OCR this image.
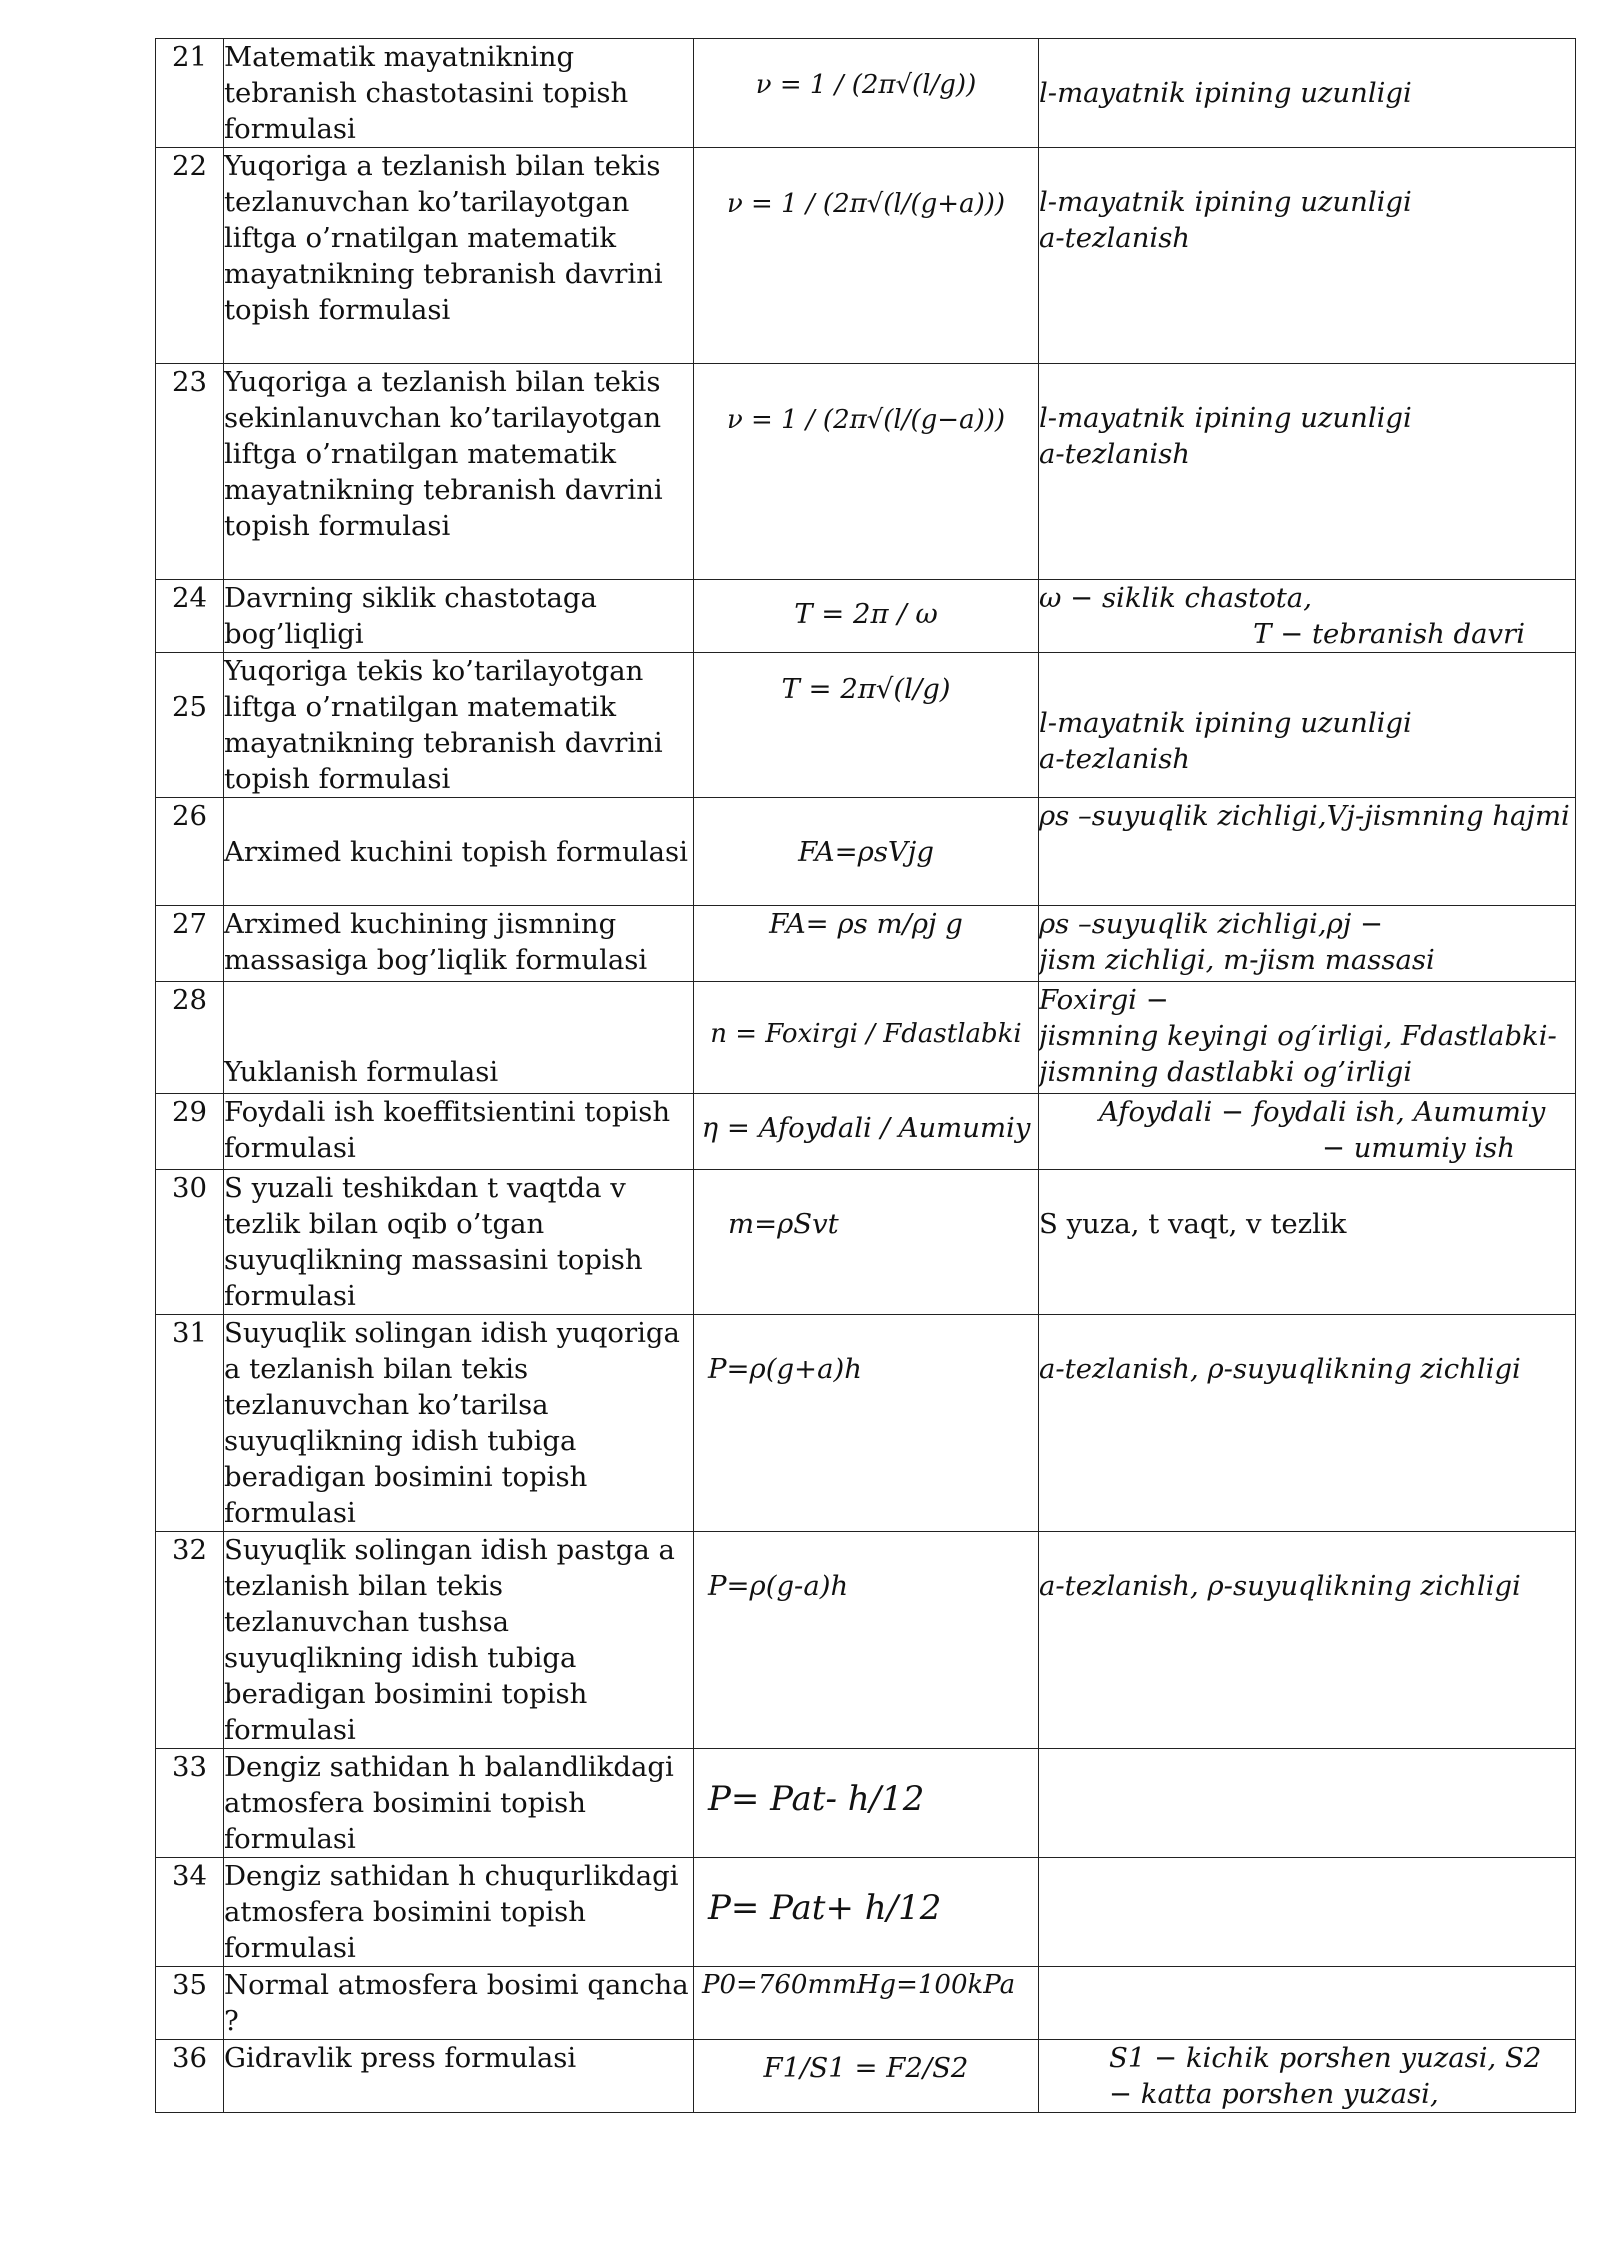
21	Matematik mayatnikning tebranish chastotasini topish formulasi	ν = 1 / (2π√(l/g))	l-mayatnik ipining uzunligi

22	Yuqoriga a tezlanish bilan tekis tezlanuvchan ko’tarilayotgan liftga o’rnatilgan matematik mayatnikning tebranish davrini topish formulasi	ν = 1 / (2π√(l/(g+a)))	l-mayatnik ipining uzunligi
a-tezlanish

23	Yuqoriga a tezlanish bilan tekis sekinlanuvchan ko’tarilayotgan liftga o’rnatilgan matematik mayatnikning tebranish davrini topish formulasi	ν = 1 / (2π√(l/(g−a)))	l-mayatnik ipining uzunligi
a-tezlanish

24	Davrning siklik chastotaga bog’liqligi	T = 2π / ω	ω − siklik chastota,
T − tebranish davri

25	Yuqoriga tekis ko’tarilayotgan liftga o’rnatilgan matematik mayatnikning tebranish davrini topish formulasi	T = 2π√(l/g)	l-mayatnik ipining uzunligi
a-tezlanish

26	Arximed kuchini topish formulasi	FA=ρsVjg	ρs –suyuqlik zichligi,Vj-jismning hajmi

27	Arximed kuchining jismning massasiga bog’liqlik formulasi	FA= ρs m/ρj g	ρs –suyuqlik zichligi,ρj −
jism zichligi, m-jism massasi

28	Yuklanish formulasi	n = Foxirgi / Fdastlabki	Foxirgi −
jismning keyingi og′irligi, Fdastlabki-
jismning dastlabki og’irligi

29	Foydali ish koeffitsientini topish formulasi	η = Afoydali / Aumumiy	Afoydali − foydali ish, Aumumiy
− umumiy ish

30	S yuzali teshikdan t vaqtda v tezlik bilan oqib o’tgan suyuqlikning massasini topish formulasi	m=ρSvt	S yuza, t vaqt, v tezlik

31	Suyuqlik solingan idish yuqoriga a tezlanish bilan tekis tezlanuvchan ko’tarilsa suyuqlikning idish tubiga beradigan bosimini topish formulasi	P=ρ(g+a)h	a-tezlanish, ρ-suyuqlikning zichligi

32	Suyuqlik solingan idish pastga a tezlanish bilan tekis tezlanuvchan tushsa suyuqlikning idish tubiga beradigan bosimini topish formulasi	P=ρ(g-a)h	a-tezlanish, ρ-suyuqlikning zichligi

33	Dengiz sathidan h balandlikdagi atmosfera bosimini topish formulasi	P= Pat- h/12	

34	Dengiz sathidan h chuqurlikdagi atmosfera bosimini topish formulasi	P= Pat+ h/12	

35	Normal atmosfera bosimi qancha ?	P0=760mmHg=100kPa	

36	Gidravlik press formulasi	F1/S1 = F2/S2	S1 − kichik porshen yuzasi, S2
− katta porshen yuzasi,
